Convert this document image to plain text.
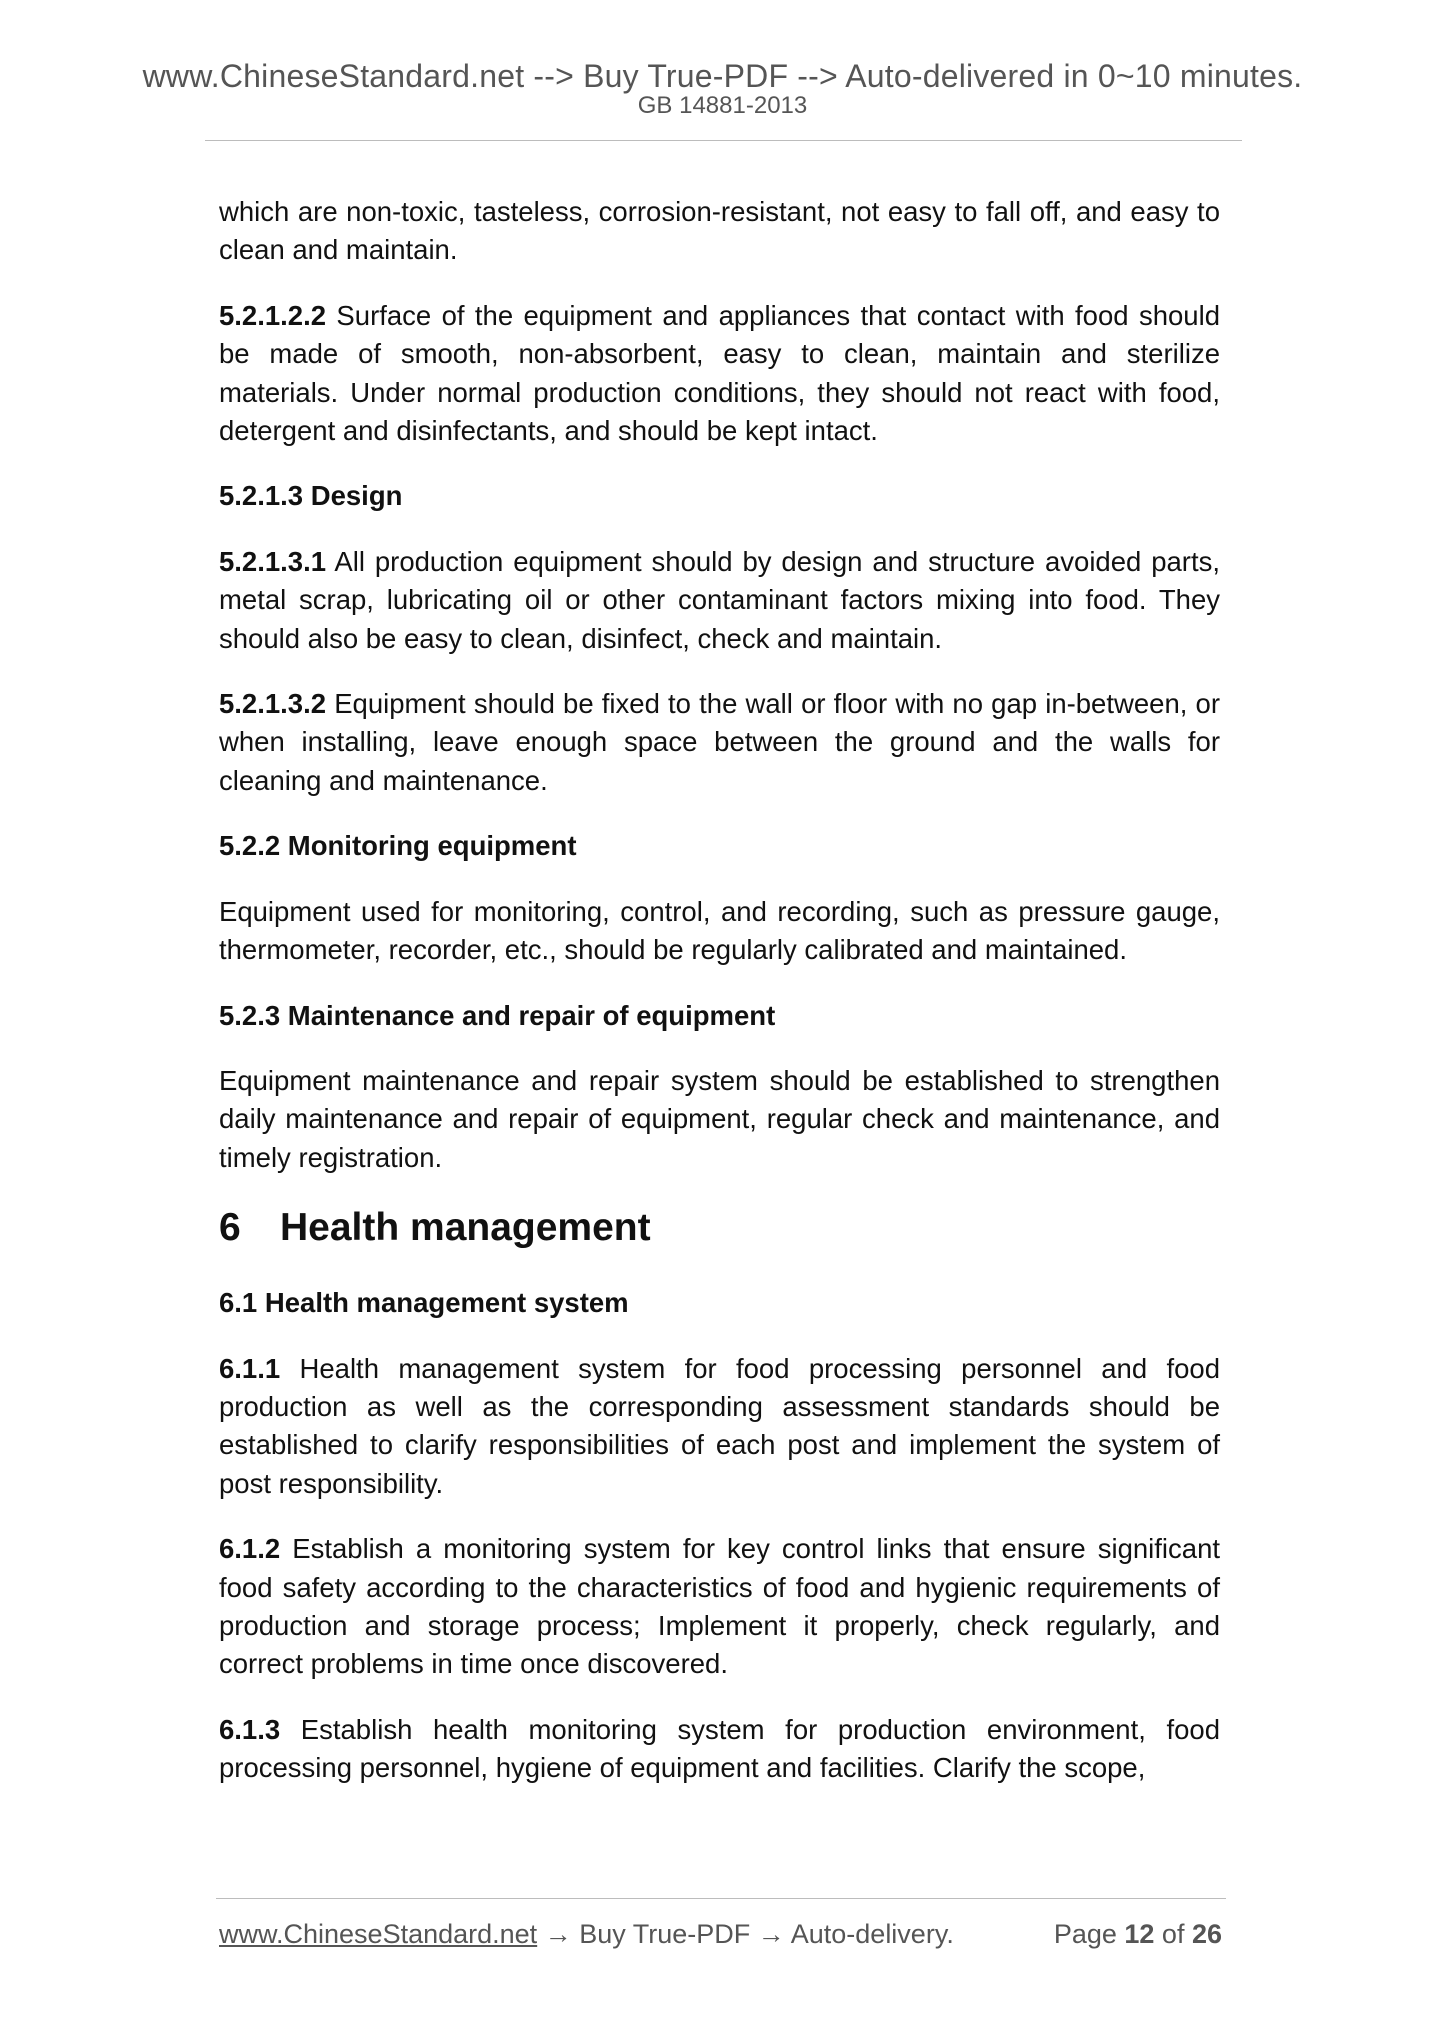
www.ChineseStandard.net --> Buy True-PDF --> Auto-delivered in 0~10 minutes.
GB 14881-2013

which are non-toxic, tasteless, corrosion-resistant, not easy to fall off, and easy to clean and maintain.

5.2.1.2.2 Surface of the equipment and appliances that contact with food should be made of smooth, non-absorbent, easy to clean, maintain and sterilize materials. Under normal production conditions, they should not react with food, detergent and disinfectants, and should be kept intact.

5.2.1.3 Design

5.2.1.3.1 All production equipment should by design and structure avoided parts, metal scrap, lubricating oil or other contaminant factors mixing into food. They should also be easy to clean, disinfect, check and maintain.

5.2.1.3.2 Equipment should be fixed to the wall or floor with no gap in-between, or when installing, leave enough space between the ground and the walls for cleaning and maintenance.

5.2.2 Monitoring equipment

Equipment used for monitoring, control, and recording, such as pressure gauge, thermometer, recorder, etc., should be regularly calibrated and maintained.

5.2.3 Maintenance and repair of equipment

Equipment maintenance and repair system should be established to strengthen daily maintenance and repair of equipment, regular check and maintenance, and timely registration.

6	Health management

6.1 Health management system

6.1.1 Health management system for food processing personnel and food production as well as the corresponding assessment standards should be established to clarify responsibilities of each post and implement the system of post responsibility.

6.1.2 Establish a monitoring system for key control links that ensure significant food safety according to the characteristics of food and hygienic requirements of production and storage process; Implement it properly, check regularly, and correct problems in time once discovered.

6.1.3 Establish health monitoring system for production environment, food processing personnel, hygiene of equipment and facilities. Clarify the scope,

www.ChineseStandard.net → Buy True-PDF → Auto-delivery.	Page 12 of 26
